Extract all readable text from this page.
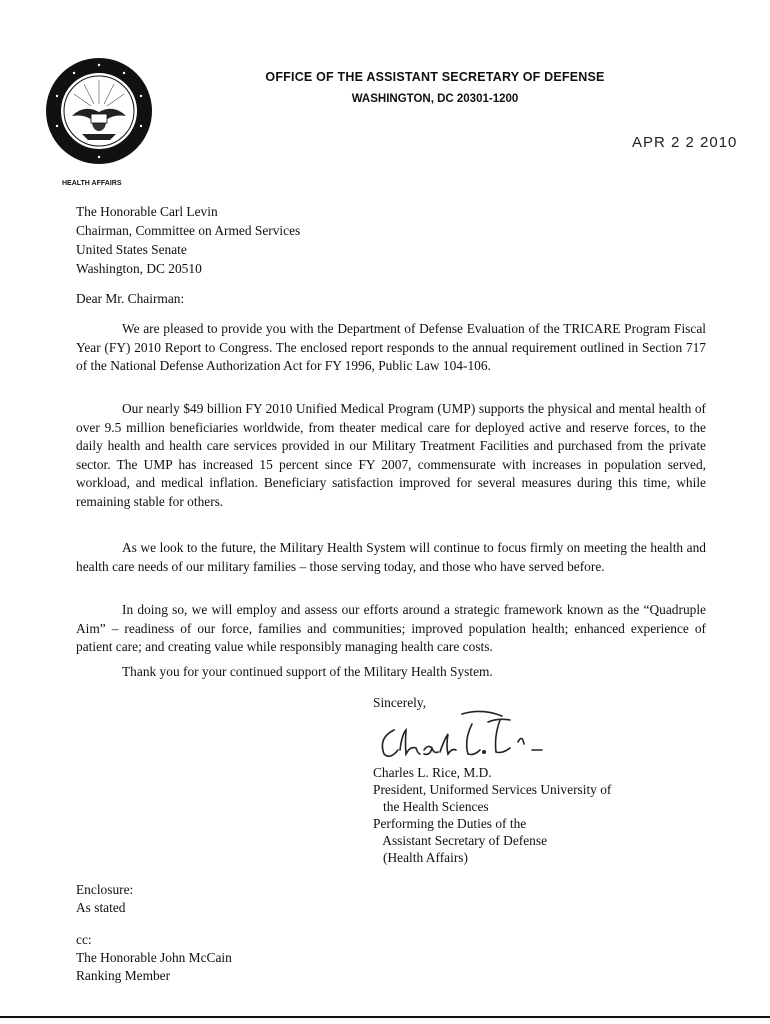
OFFICE OF THE ASSISTANT SECRETARY OF DEFENSE
WASHINGTON, DC 20301-1200
APR 2 2 2010
HEALTH AFFAIRS
The Honorable Carl Levin
Chairman, Committee on Armed Services
United States Senate
Washington, DC 20510
Dear Mr. Chairman:

We are pleased to provide you with the Department of Defense Evaluation of the TRICARE Program Fiscal Year (FY) 2010 Report to Congress. The enclosed report responds to the annual requirement outlined in Section 717 of the National Defense Authorization Act for FY 1996, Public Law 104-106.

Our nearly $49 billion FY 2010 Unified Medical Program (UMP) supports the physical and mental health of over 9.5 million beneficiaries worldwide, from theater medical care for deployed active and reserve forces, to the daily health and health care services provided in our Military Treatment Facilities and purchased from the private sector. The UMP has increased 15 percent since FY 2007, commensurate with increases in population served, workload, and medical inflation. Beneficiary satisfaction improved for several measures during this time, while remaining stable for others.

As we look to the future, the Military Health System will continue to focus firmly on meeting the health and health care needs of our military families – those serving today, and those who have served before.

In doing so, we will employ and assess our efforts around a strategic framework known as the “Quadruple Aim” – readiness of our force, families and communities; improved population health; enhanced experience of patient care; and creating value while responsibly managing health care costs.

Thank you for your continued support of the Military Health System.

Sincerely,
Charles L. Rice, M.D.
President, Uniformed Services University of
the Health Sciences
Performing the Duties of the
Assistant Secretary of Defense
(Health Affairs)
Enclosure:
As stated
cc:
The Honorable John McCain
Ranking Member
